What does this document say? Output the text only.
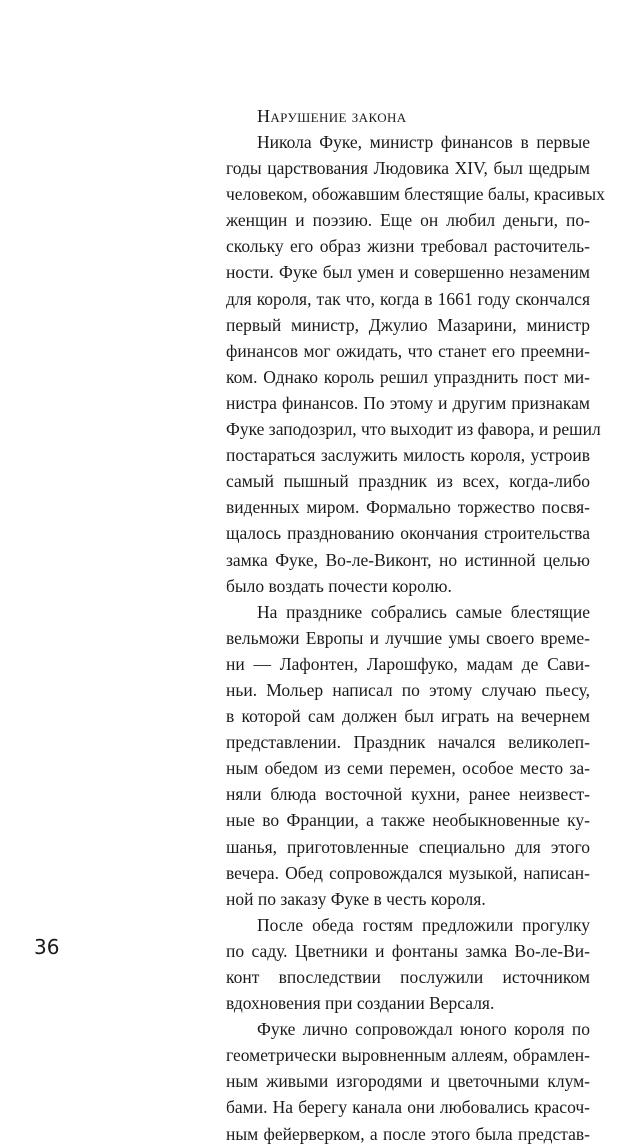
Нарушение закона
Никола Фуке, министр финансов в первые
годы царствования Людовика XIV, был щедрым
человеком, обожавшим блестящие балы, красивых
женщин и поэзию. Еще он любил деньги, по-
скольку его образ жизни требовал расточитель-
ности. Фуке был умен и совершенно незаменим
для короля, так что, когда в 1661 году скончался
первый министр, Джулио Мазарини, министр
финансов мог ожидать, что станет его преемни-
ком. Однако король решил упразднить пост ми-
нистра финансов. По этому и другим признакам
Фуке заподозрил, что выходит из фавора, и решил
постараться заслужить милость короля, устроив
самый пышный праздник из всех, когда-либо
виденных миром. Формально торжество посвя-
щалось празднованию окончания строительства
замка Фуке, Во-ле-Виконт, но истинной целью
было воздать почести королю.
На празднике собрались самые блестящие
вельможи Европы и лучшие умы своего време-
ни — Лафонтен, Ларошфуко, мадам де Сави-
ньи. Мольер написал по этому случаю пьесу,
в которой сам должен был играть на вечернем
представлении. Праздник начался великолеп-
ным обедом из семи перемен, особое место за-
няли блюда восточной кухни, ранее неизвест-
ные во Франции, а также необыкновенные ку-
шанья, приготовленные специально для этого
вечера. Обед сопровождался музыкой, написан-
ной по заказу Фуке в честь короля.
После обеда гостям предложили прогулку
по саду. Цветники и фонтаны замка Во-ле-Ви-
конт впоследствии послужили источником
вдохновения при создании Версаля.
Фуке лично сопровождал юного короля по
геометрически выровненным аллеям, обрамлен-
ным живыми изгородями и цветочными клум-
бами. На берегу канала они любовались красоч-
ным фейерверком, а после этого была представ-
36
